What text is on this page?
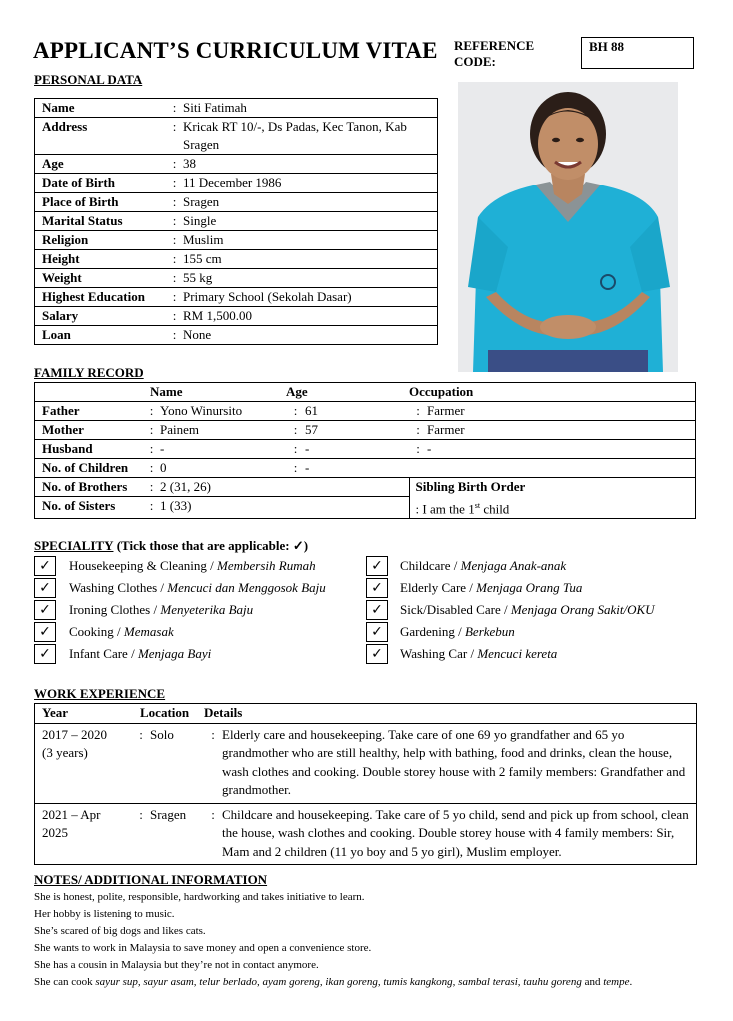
APPLICANT’S CURRICULUM VITAE REFERENCE
CODE:
BH 88
PERSONAL DATA
Name	:	Siti Fatimah
Address	:	Kricak RT 10/-, Ds Padas, Kec Tanon, Kab Sragen
Age	:	38
Date of Birth	:	11 December 1986
Place of Birth	:	Sragen
Marital Status	:	Single
Religion	:	Muslim
Height	:	155 cm
Weight	:	55 kg
Highest Education	:	Primary School (Sekolah Dasar)
Salary	:	RM 1,500.00
Loan	:	None
FAMILY RECORD
		Name		Age		Occupation
Father	:	Yono Winursito	:	61	:	Farmer
Mother	:	Painem	:	57	:	Farmer
Husband	:	-	:	-	:	-
No. of Children	:	0	:	-		
No. of Brothers	:	2 (31, 26)			Sibling Birth Order	
No. of Sisters	:	1 (33)			: I am the 1st child	
SPECIALITY (Tick those that are applicable: ✓)
✓	Housekeeping & Cleaning / Membersih Rumah
✓	Washing Clothes / Mencuci dan Menggosok Baju
✓	Ironing Clothes / Menyeterika Baju
✓	Cooking / Memasak
✓	Infant Care / Menjaga Bayi
✓	Childcare / Menjaga Anak-anak
✓	Elderly Care / Menjaga Orang Tua
✓	Sick/Disabled Care / Menjaga Orang Sakit/OKU
✓	Gardening / Berkebun
✓	Washing Car / Mencuci kereta
WORK EXPERIENCE
Year		Location		Details

2017 – 2020
(3 years)	:	Solo	:	Elderly care and housekeeping. Take care of one 69 yo grandfather and 65 yo grandmother who are still healthy, help with bathing, food and drinks, clean the house, wash clothes and cooking. Double storey house with 2 family members: Grandfather and grandmother.

2021 – Apr
2025	:	Sragen	:	Childcare and housekeeping. Take care of 5 yo child, send and pick up from school, clean the house, wash clothes and cooking. Double storey house with 4 family members: Sir, Mam and 2 children (11 yo boy and 5 yo girl), Muslim employer.
NOTES/ ADDITIONAL INFORMATION

She is honest, polite, responsible, hardworking and takes initiative to learn.

Her hobby is listening to music.

She’s scared of big dogs and likes cats.

She wants to work in Malaysia to save money and open a convenience store.

She has a cousin in Malaysia but they’re not in contact anymore.

She can cook sayur sup, sayur asam, telur berlado, ayam goreng, ikan goreng, tumis kangkong, sambal terasi, tauhu goreng and tempe.
